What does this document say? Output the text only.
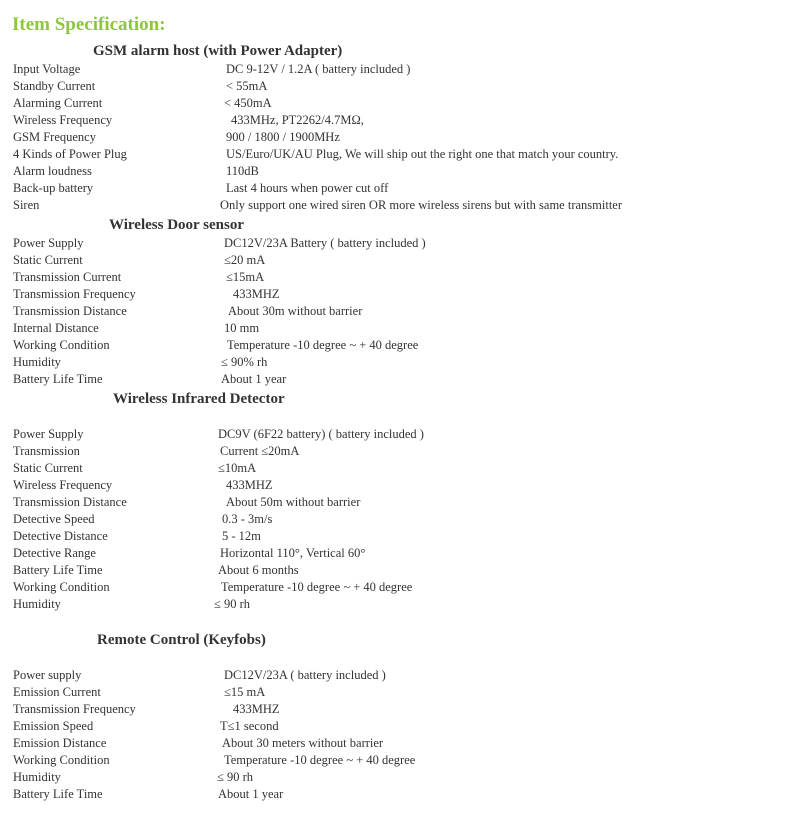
Item Specification:
GSM alarm host (with Power Adapter)
Input Voltage	DC 9-12V / 1.2A ( battery included )
Standby Current	< 55mA
Alarming Current	< 450mA
Wireless Frequency	433MHz, PT2262/4.7MΩ,
GSM Frequency	900 / 1800 / 1900MHz
4 Kinds of Power Plug	US/Euro/UK/AU Plug, We will ship out the right one that match your country.
Alarm loudness	110dB
Back-up battery	Last 4 hours when power cut off
Siren	Only support one wired siren OR more wireless sirens but with same transmitter
Wireless Door sensor
Power Supply	DC12V/23A Battery ( battery included )
Static Current	≤20 mA
Transmission Current	≤15mA
Transmission Frequency	433MHZ
Transmission Distance	About 30m without barrier
Internal Distance	10 mm
Working Condition	Temperature -10 degree ~ + 40 degree
Humidity	≤ 90% rh
Battery Life Time	About 1 year
Wireless Infrared Detector
Power Supply	DC9V (6F22 battery) ( battery included )
Transmission	Current ≤20mA
Static Current	≤10mA
Wireless Frequency	433MHZ
Transmission Distance	About 50m without barrier
Detective Speed	0.3 - 3m/s
Detective Distance	5 - 12m
Detective Range	Horizontal 110°, Vertical 60°
Battery Life Time	About 6 months
Working Condition	Temperature -10 degree ~ + 40 degree
Humidity	≤ 90 rh
Remote Control (Keyfobs)
Power supply	DC12V/23A ( battery included )
Emission Current	≤15 mA
Transmission Frequency	433MHZ
Emission Speed	T≤1 second
Emission Distance	About 30 meters without barrier
Working Condition	Temperature -10 degree ~ + 40 degree
Humidity	≤ 90 rh
Battery Life Time	About 1 year
